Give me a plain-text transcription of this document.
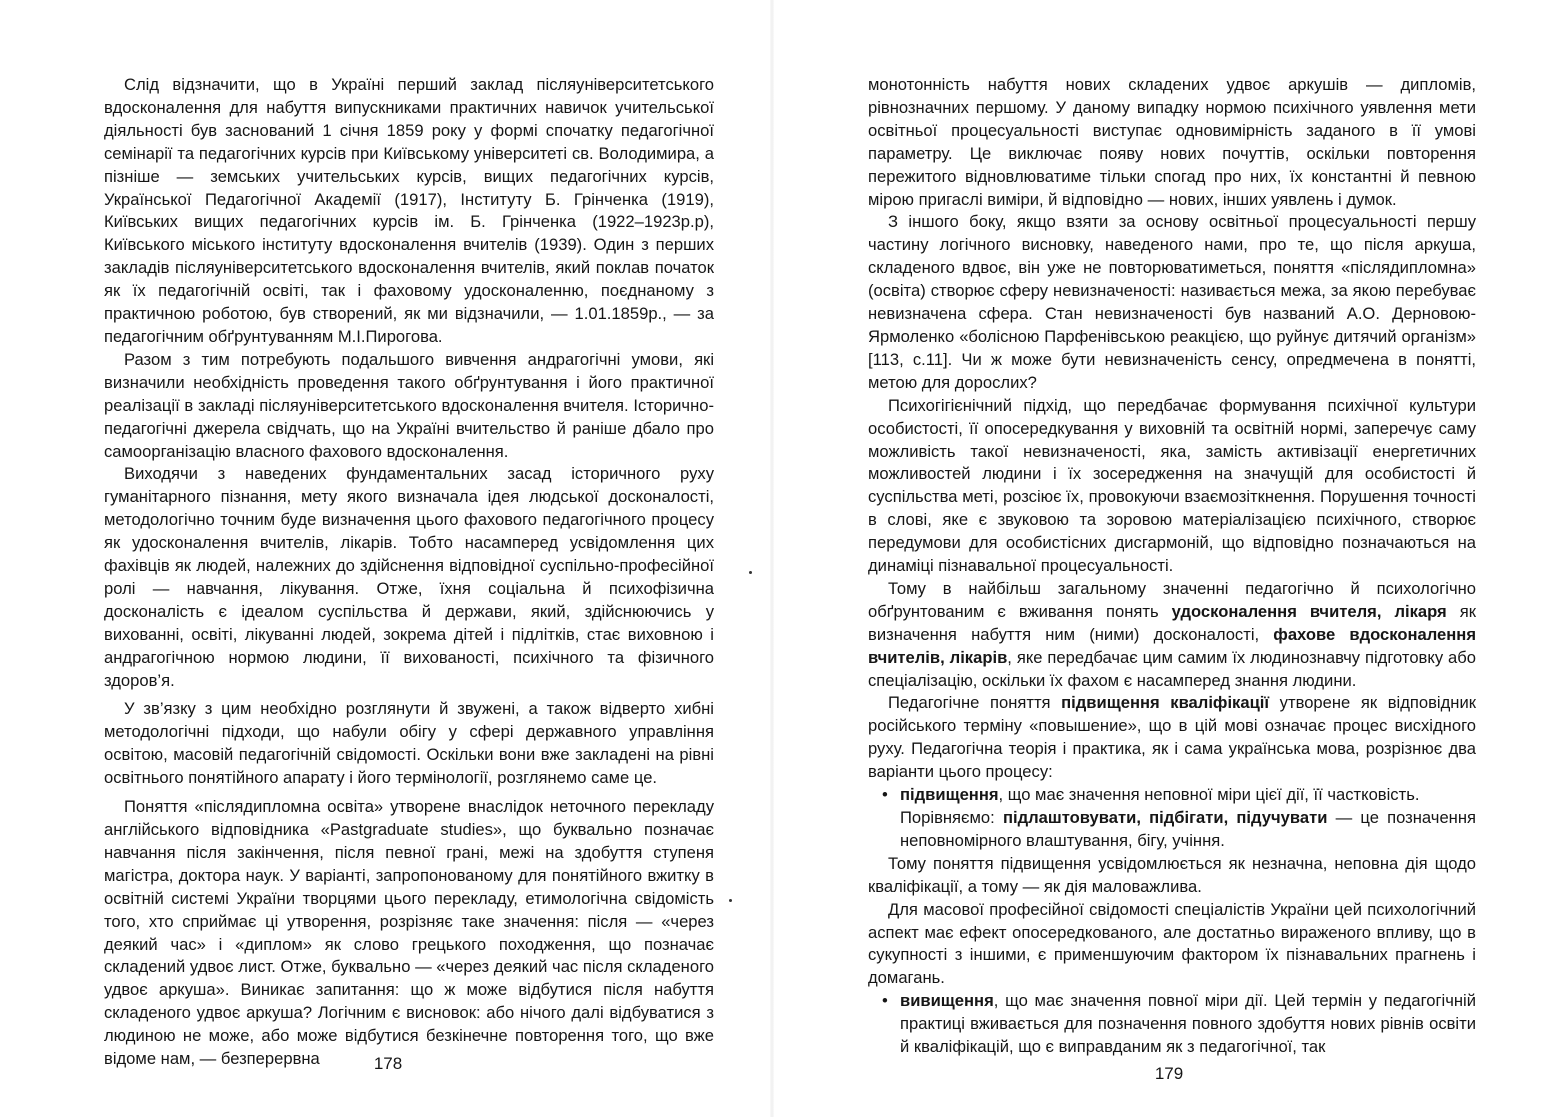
Слід відзначити, що в Україні перший заклад післяуніверситетського вдосконалення для набуття випускниками практичних навичок учительської діяльності був заснований 1 січня 1859 року у формі спочатку педагогічної семінарії та педагогічних курсів при Київському університеті св. Володимира, а пізніше — земських учительських курсів, вищих педагогічних курсів, Української Педагогічної Академії (1917), Інституту Б. Грінченка (1919), Київських вищих педагогічних курсів ім. Б. Грінченка (1922–1923р.р), Київського міського інституту вдосконалення вчителів (1939). Один з перших закладів післяуніверситетського вдосконалення вчителів, який поклав початок як їх педагогічній освіті, так і фаховому удосконаленню, поєднаному з практичною роботою, був створений, як ми відзначили, — 1.01.1859р., — за педагогічним обґрунтуванням М.І.Пирогова.

Разом з тим потребують подальшого вивчення андрагогічні умови, які визначили необхідність проведення такого обґрунтування і його практичної реалізації в закладі післяуніверситетського вдосконалення вчителя. Історично-педагогічні джерела свідчать, що на Україні вчительство й раніше дбало про самоорганізацію власного фахового вдосконалення.

Виходячи з наведених фундаментальних засад історичного руху гуманітарного пізнання, мету якого визначала ідея людської досконалості, методологічно точним буде визначення цього фахового педагогічного процесу як удосконалення вчителів, лікарів. Тобто насамперед усвідомлення цих фахівців як людей, належних до здійснення відповідної суспільно-професійної ролі — навчання, лікування. Отже, їхня соціальна й психофізична досконалість є ідеалом суспільства й держави, який, здійснюючись у вихованні, освіті, лікуванні людей, зокрема дітей і підлітків, стає виховною і андрагогічною нормою людини, її вихованості, психічного та фізичного здоров’я.

У зв’язку з цим необхідно розглянути й звужені, а також відверто хибні методологічні підходи, що набули обігу у сфері державного управління освітою, масовій педагогічній свідомості. Оскільки вони вже закладені на рівні освітнього понятійного апарату і його термінології, розглянемо саме це.

Поняття «післядипломна освіта» утворене внаслідок неточного перекладу англійського відповідника «Pastgraduate studies», що буквально позначає навчання після закінчення, після певної грані, межі на здобуття ступеня магістра, доктора наук. У варіанті, запропонованому для понятійного вжитку в освітній системі України творцями цього перекладу, етимологічна свідомість того, хто сприймає ці утворення, розрізняє таке значення: після — «через деякий час» і «диплом» як слово грецького походження, що позначає складений удвоє лист. Отже, буквально — «через деякий час після складеного удвоє аркуша». Виникає запитання: що ж може відбутися після набуття складеного удвоє аркуша? Логічним є висновок: або нічого далі відбуватися з людиною не може, або може відбутися безкінечне повторення того, що вже відоме нам, — безперервна	178

монотонність набуття нових складених удвоє аркушів — дипломів, рівнозначних першому. У даному випадку нормою психічного уявлення мети освітньої процесуальності виступає одновимірність заданого в її умові параметру. Це виключає появу нових почуттів, оскільки повторення пережитого відновлюватиме тільки спогад про них, їх константні й певною мірою пригаслі виміри, й відповідно — нових, інших уявлень і думок.

З іншого боку, якщо взяти за основу освітньої процесуальності першу частину логічного висновку, наведеного нами, про те, що після аркуша, складеного вдвоє, він уже не повторюватиметься, поняття «післядипломна» (освіта) створює сферу невизначеності: називається межа, за якою перебуває невизначена сфера. Стан невизначеності був названий А.О. Дерновою-Ярмоленко «болісною Парфенівською реакцією, що руйнує дитячий організм» [113, с.11]. Чи ж може бути невизначеність сенсу, опредмечена в понятті, метою для дорослих?

Психогігієнічний підхід, що передбачає формування психічної культури особистості, її опосередкування у виховній та освітній нормі, заперечує саму можливість такої невизначеності, яка, замість активізації енергетичних можливостей людини і їх зосередження на значущій для особистості й суспільства меті, розсіює їх, провокуючи взаємозіткнення. Порушення точності в слові, яке є звуковою та зоровою матеріалізацією психічного, створює передумови для особистісних дисгармоній, що відповідно позначаються на динаміці пізнавальної процесуальності.

Тому в найбільш загальному значенні педагогічно й психологічно обґрунтованим є вживання понять удосконалення вчителя, лікаря як визначення набуття ним (ними) досконалості, фахове вдосконалення вчителів, лікарів, яке передбачає цим самим їх людинознавчу підготовку або спеціалізацію, оскільки їх фахом є насамперед знання людини.

Педагогічне поняття підвищення кваліфікації утворене як відповідник російського терміну «повышение», що в цій мові означає процес висхідного руху. Педагогічна теорія і практика, як і сама українська мова, розрізнює два варіанти цього процесу:

• підвищення, що має значення неповної міри цієї дії, її частковість.
Порівняємо: підлаштовувати, підбігати, підучувати — це позначення неповномірного влаштування, бігу, учіння.

Тому поняття підвищення усвідомлюється як незначна, неповна дія щодо кваліфікації, а тому — як дія маловажлива.

Для масової професійної свідомості спеціалістів України цей психологічний аспект має ефект опосередкованого, але достатньо вираженого впливу, що в сукупності з іншими, є применшуючим фактором їх пізнавальних прагнень і домагань.

• вивищення, що має значення повної міри дії. Цей термін у педагогічній практиці вживається для позначення повного здобуття нових рівнів освіти й кваліфікацій, що є виправданим як з педагогічної, так
179
